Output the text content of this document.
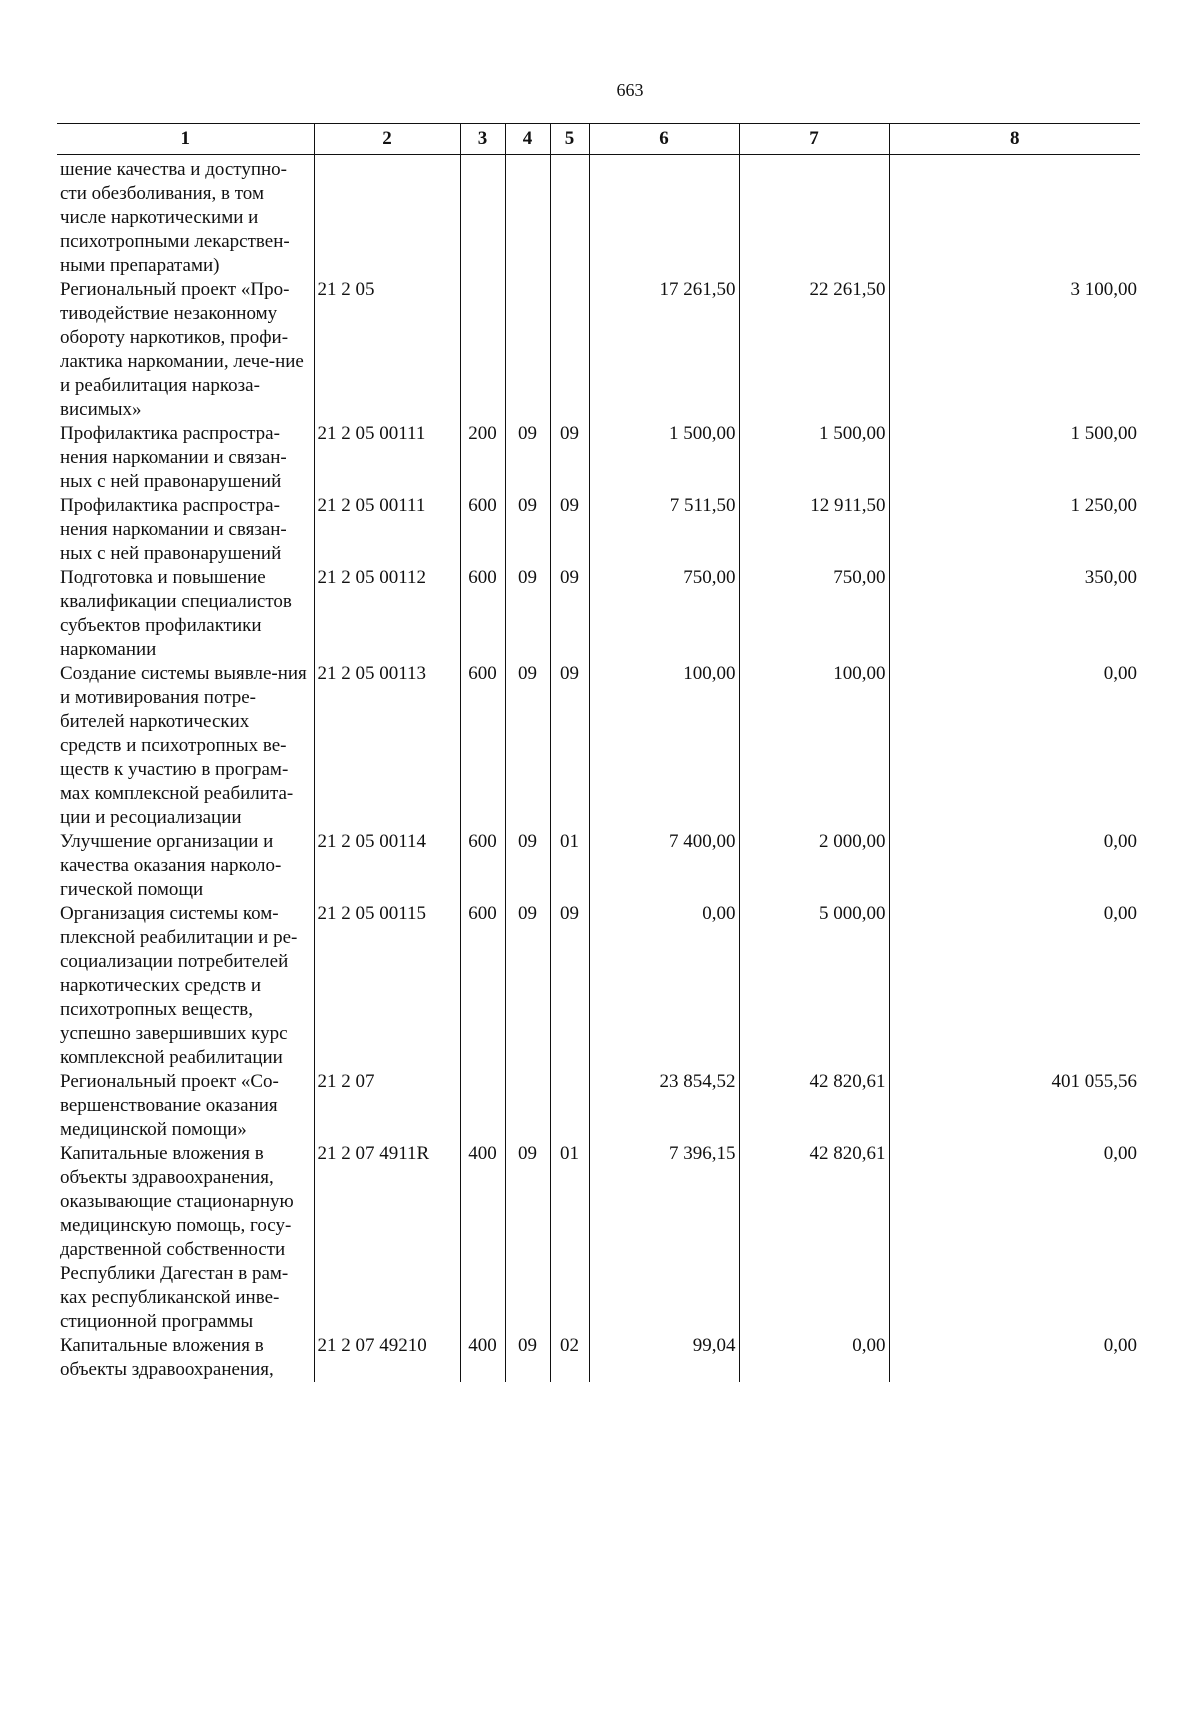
663
1	2	3	4	5	6	7	8
шение качества и доступно-сти обезболивания, в том числе наркотическими и психотропными лекарствен-ными препаратами)							
Региональный проект «Про-тиводействие незаконному обороту наркотиков, профи-лактика наркомании, лече-ние и реабилитация наркоза-висимых»	21 2 05				17 261,50	22 261,50	3 100,00
Профилактика распростра-нения наркомании и связан-ных с ней правонарушений	21 2 05 00111	200	09	09	1 500,00	1 500,00	1 500,00
Профилактика распростра-нения наркомании и связан-ных с ней правонарушений	21 2 05 00111	600	09	09	7 511,50	12 911,50	1 250,00
Подготовка и повышение квалификации специалистов субъектов профилактики наркомании	21 2 05 00112	600	09	09	750,00	750,00	350,00
Создание системы выявле-ния и мотивирования потре-бителей наркотических средств и психотропных ве-ществ к участию в програм-мах комплексной реабилита-ции и ресоциализации	21 2 05 00113	600	09	09	100,00	100,00	0,00
Улучшение организации и качества оказания нарколо-гической помощи	21 2 05 00114	600	09	01	7 400,00	2 000,00	0,00
Организация системы ком-плексной реабилитации и ре-социализации потребителей наркотических средств и психотропных веществ, успешно завершивших курс комплексной реабилитации	21 2 05 00115	600	09	09	0,00	5 000,00	0,00
Региональный проект «Со-вершенствование оказания медицинской помощи»	21 2 07				23 854,52	42 820,61	401 055,56
Капитальные вложения в объекты здравоохранения, оказывающие стационарную медицинскую помощь, госу-дарственной собственности Республики Дагестан в рам-ках республиканской инве-стиционной программы	21 2 07 4911R	400	09	01	7 396,15	42 820,61	0,00
Капитальные вложения в объекты здравоохранения,	21 2 07 49210	400	09	02	99,04	0,00	0,00
